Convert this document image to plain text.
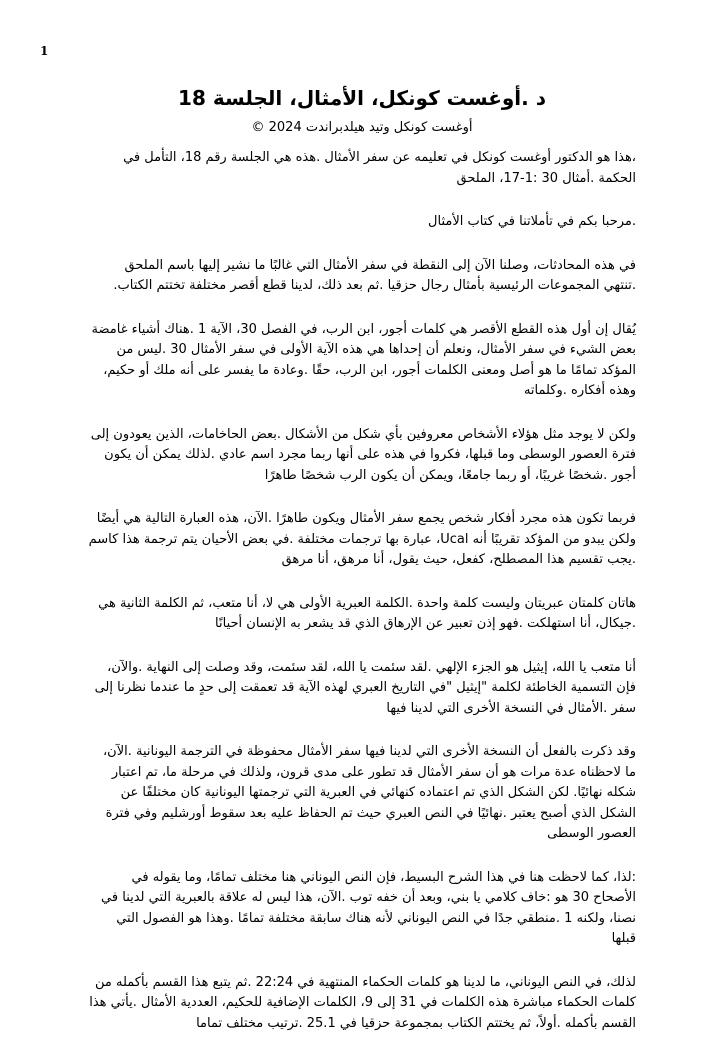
1
د .أوغست كونكل، الأمثال، الجلسة 18
أوغست كونكل وتيد هيلدبراندت 2024 ©

،هذا هو الدكتور أوغست كونكل في تعليمه عن سفر الأمثال .هذه هي الجلسة رقم 18، التأمل في الحكمة .أمثال 30 :1-17، الملحق

.مرحبا بكم في تأملاتنا في كتاب الأمثال

في هذه المحادثات، وصلنا الآن إلى النقطة في سفر الأمثال التي غالبًا ما نشير إليها باسم الملحق .تنتهي المجموعات الرئيسية بأمثال رجال حزقيا .ثم بعد ذلك، لدينا قطع أقصر مختلفة تختتم الكتاب.

يُقال إن أول هذه القطع الأقصر هي كلمات أجور، ابن الرب، في الفصل 30، الآية 1 .هناك أشياء غامضة بعض الشيء في سفر الأمثال، ونعلم أن إحداها هي هذه الآية الأولى في سفر الأمثال 30 .ليس من المؤكد تمامًا ما هو أصل ومعنى الكلمات أجور، ابن الرب، حقًا .وعادة ما يفسر على أنه ملك أو حكيم، وهذه أفكاره .وكلماته

ولكن لا يوجد مثل هؤلاء الأشخاص معروفين بأي شكل من الأشكال .بعض الحاخامات، الذين يعودون إلى فترة العصور الوسطى وما قبلها، فكروا في هذه على أنها ربما مجرد اسم عادي .لذلك يمكن أن يكون أجور .شخصًا غريبًا، أو ربما جامعًا، ويمكن أن يكون الرب شخصًا طاهرًا

فربما تكون هذه مجرد أفكار شخص يجمع سفر الأمثال ويكون طاهرًا .الآن، هذه العبارة التالية هي أيضًا ولكن يبدو من المؤكد تقريبًا أنه Ucal، عبارة بها ترجمات مختلفة .في بعض الأحيان يتم ترجمة هذا كاسم .يجب تقسيم هذا المصطلح، كفعل، حيث يقول، أنا مرهق، أنا مرهق

هاتان كلمتان عبريتان وليست كلمة واحدة .الكلمة العبرية الأولى هي لا، أنا متعب، ثم الكلمة الثانية هي .جيكال، أنا استهلكت .فهو إذن تعبير عن الإرهاق الذي قد يشعر به الإنسان أحيانًا

أنا متعب يا الله، إيثيل هو الجزء الإلهي .لقد سئمت يا الله، لقد سئمت، وقد وصلت إلى النهاية .والآن، فإن التسمية الخاطئة لكلمة "إيثيل "في التاريخ العبري لهذه الآية قد تعمقت إلى حدٍ ما عندما نظرنا إلى سفر .الأمثال في النسخة الأخرى التي لدينا فيها

وقد ذكرت بالفعل أن النسخة الأخرى التي لدينا فيها سفر الأمثال محفوظة في الترجمة اليونانية .الآن، ما لاحظناه عدة مرات هو أن سفر الأمثال قد تطور على مدى قرون، ولذلك في مرحلة ما، تم اعتبار شكله نهائيًا. لكن الشكل الذي تم اعتماده كنهائي في العبرية التي ترجمتها اليونانية كان مختلفًا عن الشكل الذي أصبح يعتبر .نهائيًا في النص العبري حيث تم الحفاظ عليه بعد سقوط أورشليم وفي فترة العصور الوسطى

:لذا، كما لاحظت هنا في هذا الشرح البسيط، فإن النص اليوناني هنا مختلف تمامًا، وما يقوله في الأصحاح 30 هو :خاف كلامي يا بني، وبعد أن خفه توب .الآن، هذا ليس له علاقة بالعبرية التي لدينا في نصنا، ولكنه 1 .منطقي جدًا في النص اليوناني لأنه هناك سابقة مختلفة تمامًا .وهذا هو الفصول التي قبلها

لذلك، في النص اليوناني، ما لدينا هو كلمات الحكماء المنتهية في 22:24 .ثم يتبع هذا القسم بأكمله من كلمات الحكماء مباشرة هذه الكلمات في 31 إلى 9، الكلمات الإضافية للحكيم، العددية الأمثال .يأتي هذا القسم بأكمله .أولاً، ثم يختتم الكتاب بمجموعة حزقيا في 25.1 .ترتيب مختلف تماما
